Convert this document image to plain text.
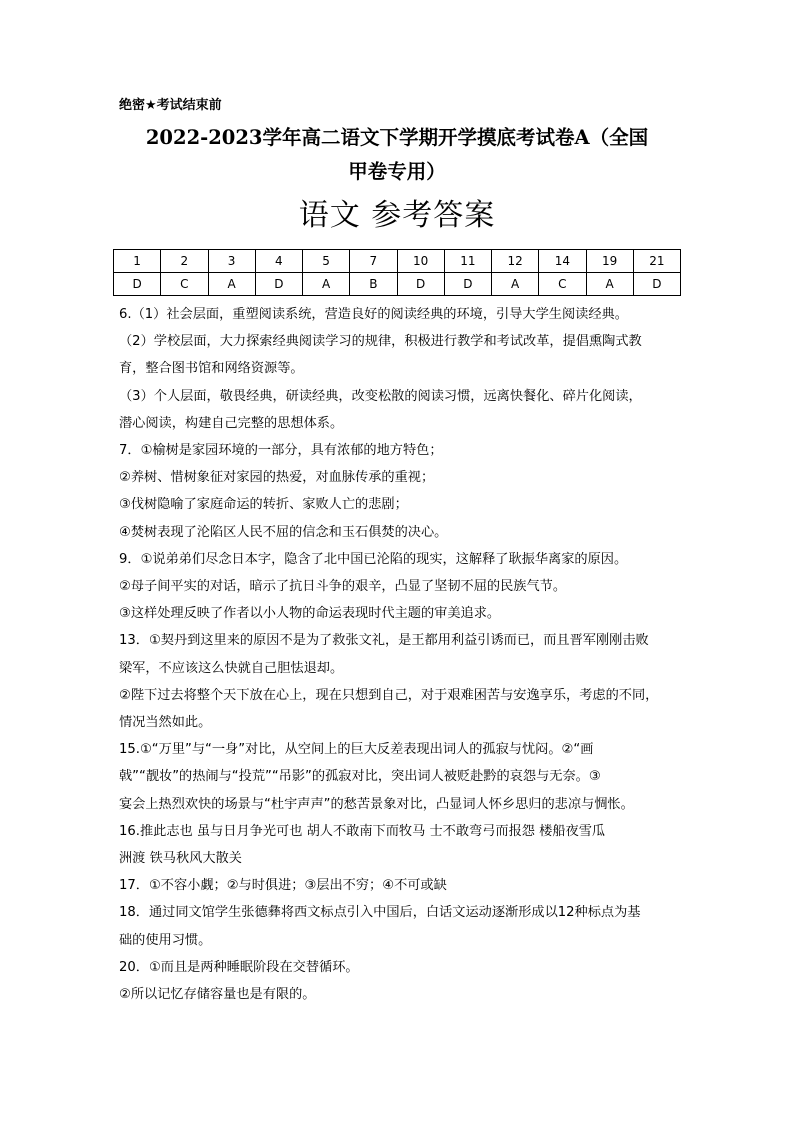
绝密★考试结束前
2022-2023学年高二语文下学期开学摸底考试卷A（全国
甲卷专用）
语文 参考答案
1	2	3	4	5	7	10	11	12	14	19	21
D	C	A	D	A	B	D	D	A	C	A	D

6.（1）社会层面，重塑阅读系统，营造良好的阅读经典的环境，引导大学生阅读经典。

（2）学校层面，大力探索经典阅读学习的规律，积极进行教学和考试改革，提倡熏陶式教

育，整合图书馆和网络资源等。

（3）个人层面，敬畏经典，研读经典，改变松散的阅读习惯，远离快餐化、碎片化阅读，

潜心阅读，构建自己完整的思想体系。

7．①榆树是家园环境的一部分，具有浓郁的地方特色；

②养树、惜树象征对家园的热爱，对血脉传承的重视；

③伐树隐喻了家庭命运的转折、家败人亡的悲剧；

④焚树表现了沦陷区人民不屈的信念和玉石俱焚的决心。

9．①说弟弟们尽念日本字，隐含了北中国已沦陷的现实，这解释了耿振华离家的原因。

②母子间平实的对话，暗示了抗日斗争的艰辛，凸显了坚韧不屈的民族气节。

③这样处理反映了作者以小人物的命运表现时代主题的审美追求。

13．①契丹到这里来的原因不是为了救张文礼，是王都用利益引诱而已，而且晋军刚刚击败

梁军，不应该这么快就自己胆怯退却。

②陛下过去将整个天下放在心上，现在只想到自己，对于艰难困苦与安逸享乐，考虑的不同，

情况当然如此。

15.①“万里”与“一身”对比，从空间上的巨大反差表现出词人的孤寂与忧闷。②“画

戟”“靓妆”的热闹与“投荒”“吊影”的孤寂对比，突出词人被贬赴黔的哀怨与无奈。③

宴会上热烈欢快的场景与“杜宇声声”的愁苦景象对比，凸显词人怀乡思归的悲凉与惆怅。

16.推此志也 虽与日月争光可也 胡人不敢南下而牧马 士不敢弯弓而报怨 楼船夜雪瓜

洲渡 铁马秋风大散关

17．①不容小觑；②与时俱进；③层出不穷；④不可或缺

18．通过同文馆学生张德彝将西文标点引入中国后，白话文运动逐渐形成以12种标点为基

础的使用习惯。

20．①而且是两种睡眠阶段在交替循环。

②所以记忆存储容量也是有限的。
